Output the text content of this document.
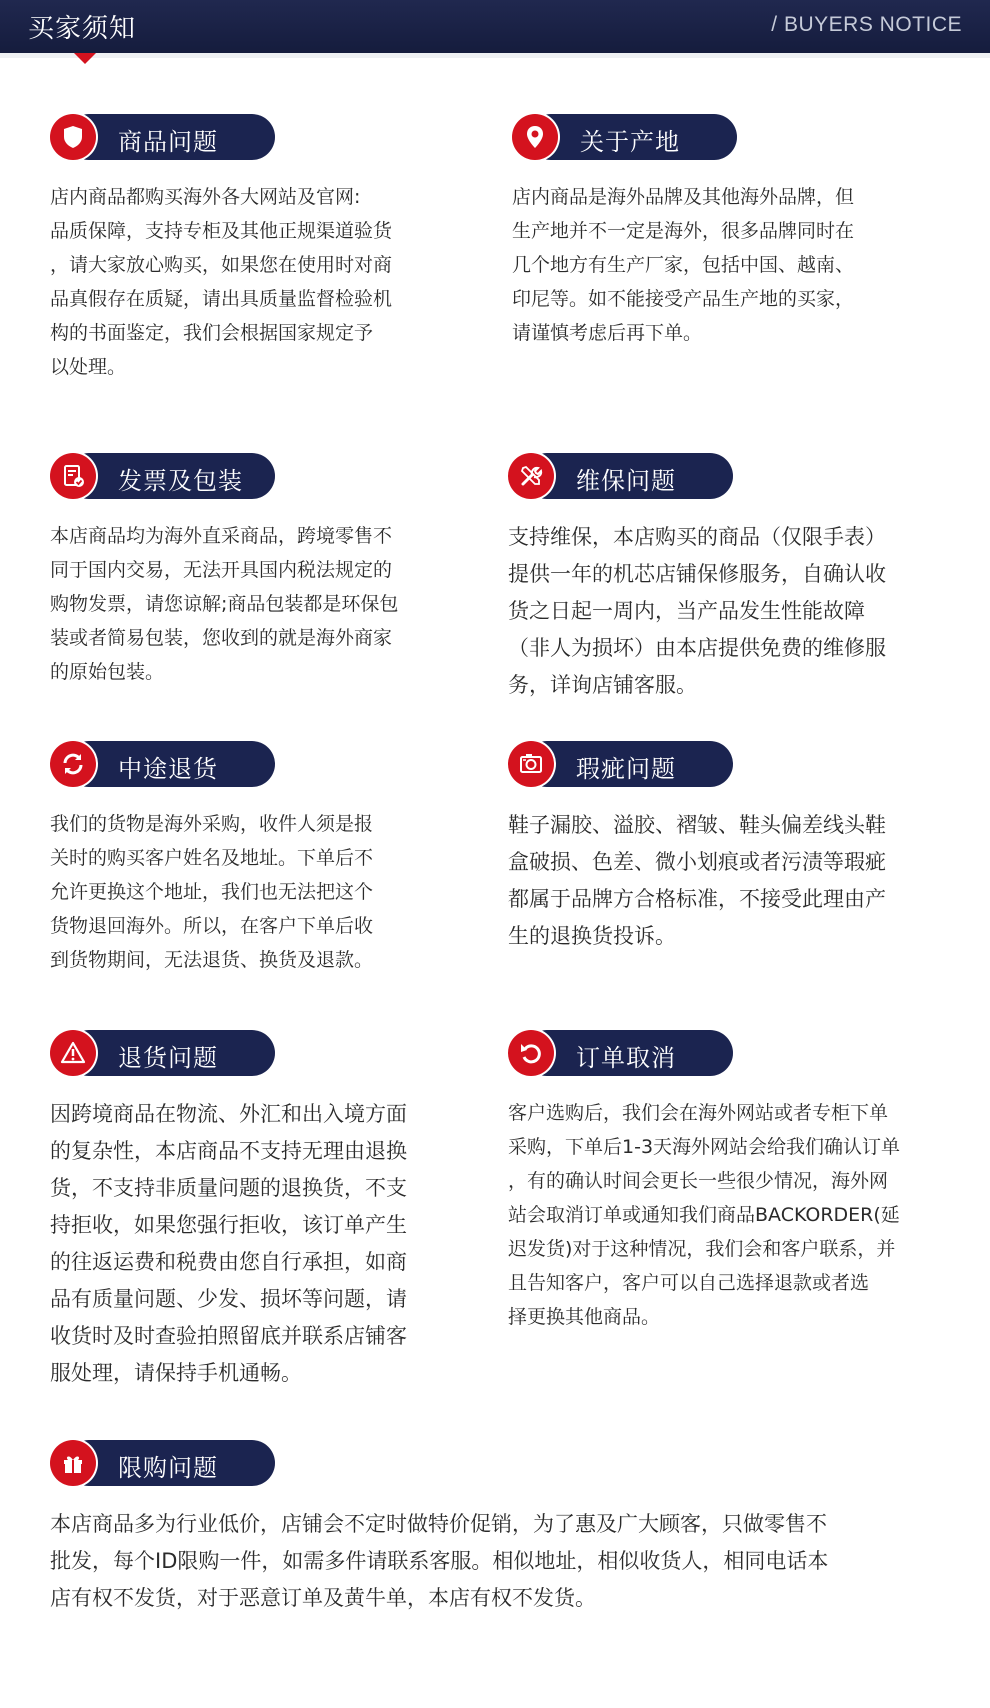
买家须知	/ BUYERS NOTICE
商品问题
店内商品都购买海外各大网站及官网:
品质保障，支持专柜及其他正规渠道验货
，请大家放心购买，如果您在使用时对商
品真假存在质疑，请出具质量监督检验机
构的书面鉴定，我们会根据国家规定予
以处理。
关于产地
店内商品是海外品牌及其他海外品牌，但
生产地并不一定是海外，很多品牌同时在
几个地方有生产厂家，包括中国、越南、
印尼等。如不能接受产品生产地的买家，
请谨慎考虑后再下单。
发票及包装
本店商品均为海外直采商品，跨境零售不
同于国内交易，无法开具国内税法规定的
购物发票，请您谅解;商品包装都是环保包
装或者简易包装，您收到的就是海外商家
的原始包装。
维保问题
支持维保，本店购买的商品（仅限手表）
提供一年的机芯店铺保修服务，自确认收
货之日起一周内，当产品发生性能故障
（非人为损坏）由本店提供免费的维修服
务，详询店铺客服。
中途退货
我们的货物是海外采购，收件人须是报
关时的购买客户姓名及地址。下单后不
允许更换这个地址，我们也无法把这个
货物退回海外。所以，在客户下单后收
到货物期间，无法退货、换货及退款。
瑕疵问题
鞋子漏胶、溢胶、褶皱、鞋头偏差线头鞋
盒破损、色差、微小划痕或者污渍等瑕疵
都属于品牌方合格标准，不接受此理由产
生的退换货投诉。
退货问题
因跨境商品在物流、外汇和出入境方面
的复杂性，本店商品不支持无理由退换
货，不支持非质量问题的退换货，不支
持拒收，如果您强行拒收，该订单产生
的往返运费和税费由您自行承担，如商
品有质量问题、少发、损坏等问题，请
收货时及时查验拍照留底并联系店铺客
服处理，请保持手机通畅。
订单取消
客户选购后，我们会在海外网站或者专柜下单
采购，下单后1-3天海外网站会给我们确认订单
，有的确认时间会更长一些很少情况，海外网
站会取消订单或通知我们商品BACKORDER(延
迟发货)对于这种情况，我们会和客户联系，并
且告知客户，客户可以自己选择退款或者选
择更换其他商品。
限购问题
本店商品多为行业低价，店铺会不定时做特价促销，为了惠及广大顾客，只做零售不
批发，每个ID限购一件，如需多件请联系客服。相似地址，相似收货人，相同电话本
店有权不发货，对于恶意订单及黄牛单，本店有权不发货。
